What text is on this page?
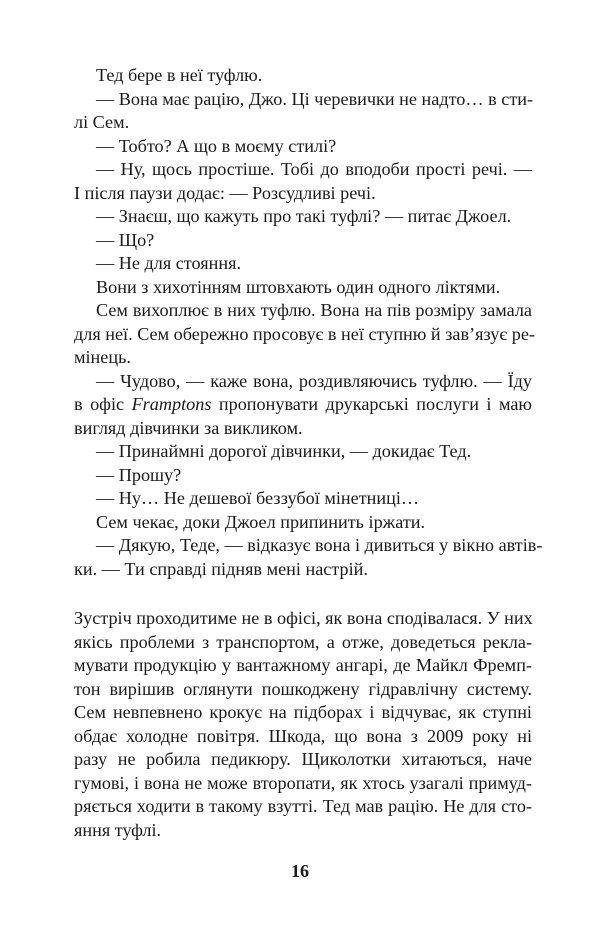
Тед бере в неї туфлю.
— Вона має рацію, Джо. Ці черевички не надто… в сти-
лі Сем.
— Тобто? А що в моєму стилі?
— Ну, щось простіше. Тобі до вподоби прості речі. —
І після паузи додає: — Розсудливі речі.
— Знаєш, що кажуть про такі туфлі? — питає Джоел.
— Що?
— Не для стояння.
Вони з хихотінням штовхають один одного ліктями.
Сем вихоплює в них туфлю. Вона на пів розміру замала
для неї. Сем обережно просовує в неї ступню й зав’язує ре-
мінець.
— Чудово, — каже вона, роздивляючись туфлю. — Їду
в офіс Framptons пропонувати друкарські послуги і маю
вигляд дівчинки за викликом.
— Принаймні дорогої дівчинки, — докидає Тед.
— Прошу?
— Ну… Не дешевої беззубої мінетниці…
Сем чекає, доки Джоел припинить іржати.
— Дякую, Теде, — відказує вона і дивиться у вікно автів-
ки. — Ти справді підняв мені настрій.
Зустріч проходитиме не в офісі, як вона сподівалася. У них
якісь проблеми з транспортом, а отже, доведеться рекла-
мувати продукцію у вантажному ангарі, де Майкл Фремп-
тон вирішив оглянути пошкоджену гідравлічну систему.
Сем невпевнено крокує на підборах і відчуває, як ступні
обдає холодне повітря. Шкода, що вона з 2009 року ні
разу не робила педикюру. Щиколотки хитаються, наче
гумові, і вона не може второпати, як хтось узагалі примуд-
ряється ходити в такому взутті. Тед мав рацію. Не для сто-
яння туфлі.
16
